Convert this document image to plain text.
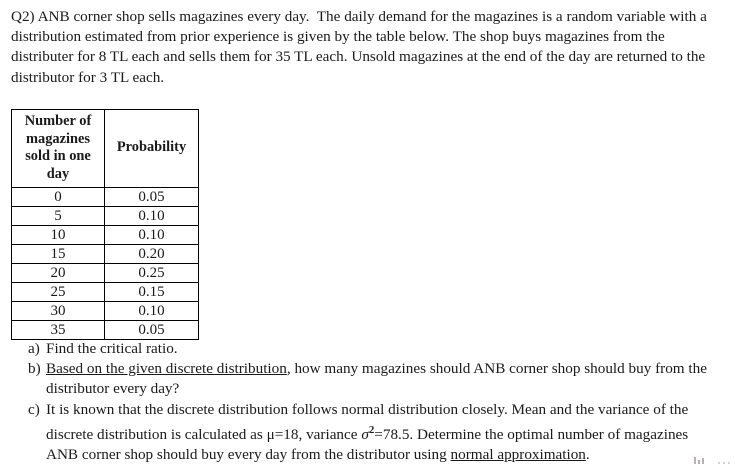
Q2) ANB corner shop sells magazines every day.  The daily demand for the magazines is a random variable with a distribution estimated from prior experience is given by the table below. The shop buys magazines from the distributer for 8 TL each and sells them for 35 TL each. Unsold magazines at the end of the day are returned to the distributor for 3 TL each.
Number of magazines sold in one day	Probability
0	0.05
5	0.10
10	0.10
15	0.20
20	0.25
25	0.15
30	0.10
35	0.05
a) Find the critical ratio.
b) Based on the given discrete distribution, how many magazines should ANB corner shop should buy from the distributor every day?
c) It is known that the discrete distribution follows normal distribution closely. Mean and the variance of the discrete distribution is calculated as μ=18, variance $\sigma^2=78.5$. Determine the optimal number of magazines ANB corner shop should buy every day from the distributor using normal approximation.
